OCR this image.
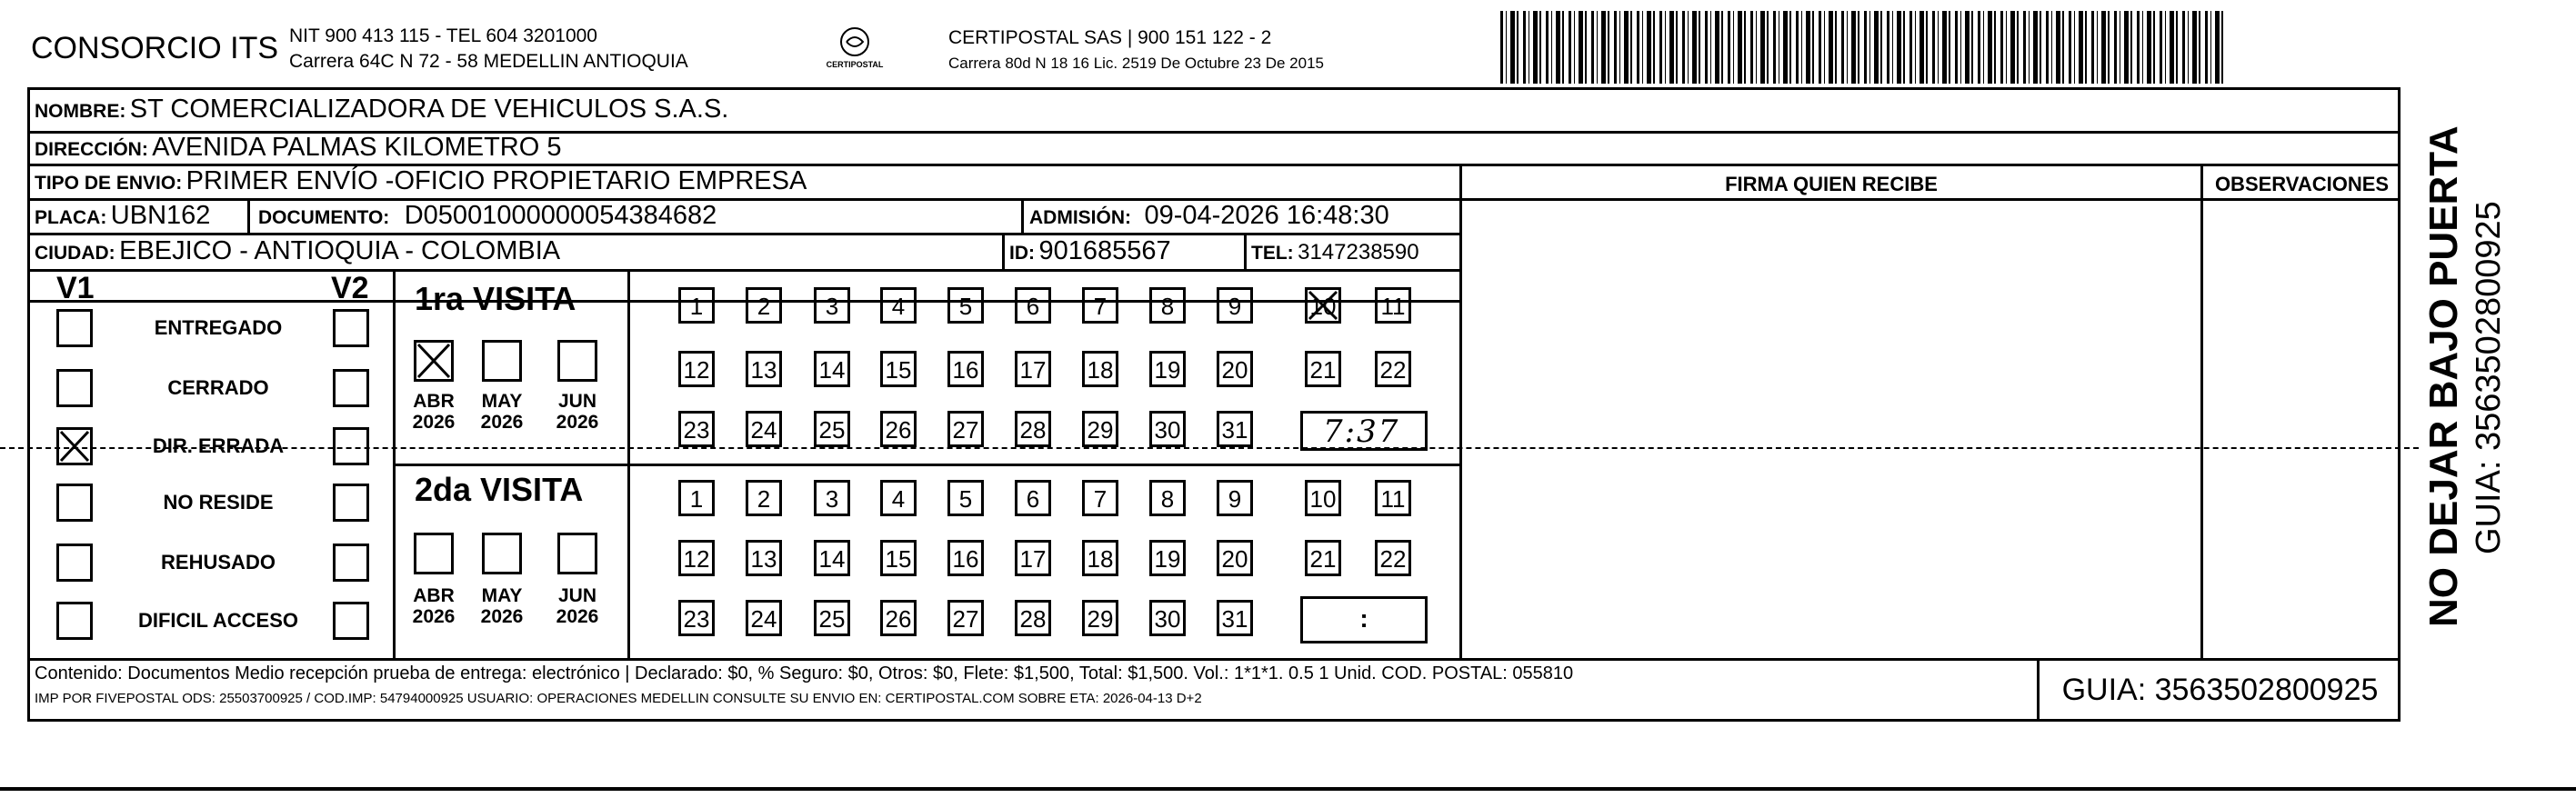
CONSORCIO ITS NIT 900 413 115 - TEL 604 3201000
Carrera 64C N 72 - 58 MEDELLIN ANTIOQUIA	CERTIPOSTAL
CERTIPOSTAL SAS | 900 151 122 - 2
Carrera 80d N 18 16 Lic. 2519 De Octubre 23 De 2015
NOMBRE: ST COMERCIALIZADORA DE VEHICULOS S.A.S.
DIRECCIÓN: AVENIDA PALMAS KILOMETRO 5
TIPO DE ENVIO: PRIMER ENVÍO -OFICIO PROPIETARIO EMPRESA	FIRMA QUIEN RECIBE	OBSERVACIONES
PLACA: UBN162	DOCUMENTO: D05001000000054384682	ADMISIÓN: 09-04-2026 16:48:30
CIUDAD: EBEJICO - ANTIOQUIA - COLOMBIA	ID: 901685567	TEL: 3147238590
V1	V2
ENTREGADO
CERRADO
DIR. ERRADA
NO RESIDE
REHUSADO
DIFICIL ACCESO
1ra VISITA
ABR
2026
MAY
2026
JUN
2026
1	2	3	4	5	6	7	8	9	10 11
12 13 14 15 16 17 18 19 20	21 22
23 24 25 26 27 28 29 30 31 7:37
2da VISITA
ABR
2026
MAY
2026
JUN
2026
1	2	3	4	5	6	7	8	9	10 11
12 13 14 15 16 17 18 19 20	21 22
23 24 25 26 27 28 29 30 31	:
Contenido: Documentos Medio recepción prueba de entrega: electrónico | Declarado: $0, % Seguro: $0, Otros: $0, Flete: $1,500, Total: $1,500. Vol.: 1*1*1. 0.5 1 Unid. COD. POSTAL: 055810
IMP POR FIVEPOSTAL ODS: 25503700925 / COD.IMP: 54794000925 USUARIO: OPERACIONES MEDELLIN CONSULTE SU ENVIO EN: CERTIPOSTAL.COM SOBRE ETA: 2026-04-13 D+2	GUIA: 3563502800925
NO DEJAR BAJO PUERTA GUIA: 3563502800925
